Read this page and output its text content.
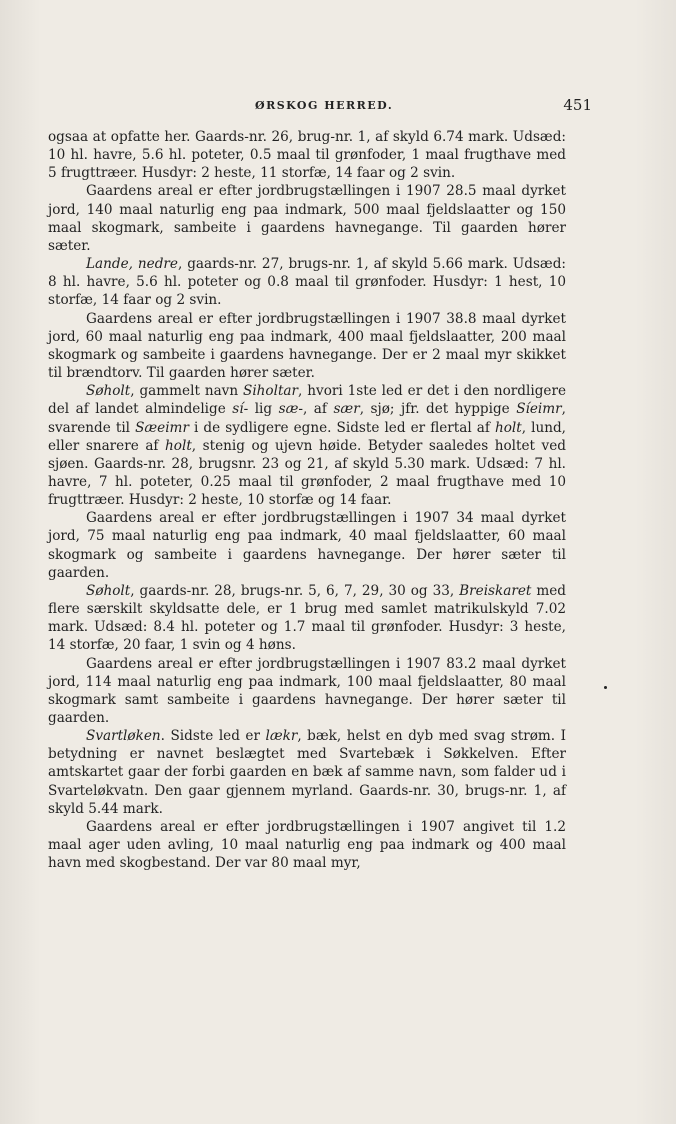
ØRSKOG HERRED.	451

ogsaa at opfatte her. Gaards-nr. 26, brug-nr. 1, af skyld 6.74 mark. Udsæd: 10 hl. havre, 5.6 hl. poteter, 0.5 maal til grønfoder, 1 maal frugthave med 5 frugttræer. Husdyr: 2 heste, 11 storfæ, 14 faar og 2 svin.

Gaardens areal er efter jordbrugstællingen i 1907 28.5 maal dyrket jord, 140 maal naturlig eng paa indmark, 500 maal fjeldslaatter og 150 maal skogmark, sambeite i gaardens havnegange. Til gaarden hører sæter.

Lande, nedre, gaards-nr. 27, brugs-nr. 1, af skyld 5.66 mark. Udsæd: 8 hl. havre, 5.6 hl. poteter og 0.8 maal til grønfoder. Husdyr: 1 hest, 10 storfæ, 14 faar og 2 svin.

Gaardens areal er efter jordbrugstællingen i 1907 38.8 maal dyrket jord, 60 maal naturlig eng paa indmark, 400 maal fjeldslaatter, 200 maal skogmark og sambeite i gaardens havnegange. Der er 2 maal myr skikket til brændtorv. Til gaarden hører sæter.

Søholt, gammelt navn Siholtar, hvori 1ste led er det i den nordligere del af landet almindelige sí- lig sæ-, af sær, sjø; jfr. det hyppige Síeimr, svarende til Sæeimr i de sydligere egne. Sidste led er flertal af holt, lund, eller snarere af holt, stenig og ujevn høide. Betyder saaledes holtet ved sjøen. Gaards-nr. 28, brugsnr. 23 og 21, af skyld 5.30 mark. Udsæd: 7 hl. havre, 7 hl. poteter, 0.25 maal til grønfoder, 2 maal frugthave med 10 frugttræer. Husdyr: 2 heste, 10 storfæ og 14 faar.

Gaardens areal er efter jordbrugstællingen i 1907 34 maal dyrket jord, 75 maal naturlig eng paa indmark, 40 maal fjeldslaatter, 60 maal skogmark og sambeite i gaardens havnegange. Der hører sæter til gaarden.

Søholt, gaards-nr. 28, brugs-nr. 5, 6, 7, 29, 30 og 33, Breiskaret med flere særskilt skyldsatte dele, er 1 brug med samlet matrikulskyld 7.02 mark. Udsæd: 8.4 hl. poteter og 1.7 maal til grønfoder. Husdyr: 3 heste, 14 storfæ, 20 faar, 1 svin og 4 høns.

Gaardens areal er efter jordbrugstællingen i 1907 83.2 maal dyrket jord, 114 maal naturlig eng paa indmark, 100 maal fjeldslaatter, 80 maal skogmark samt sambeite i gaardens havnegange. Der hører sæter til gaarden.

Svartløken. Sidste led er lækr, bæk, helst en dyb med svag strøm. I betydning er navnet beslægtet med Svartebæk i Søkkelven. Efter amtskartet gaar der forbi gaarden en bæk af samme navn, som falder ud i Svarteløkvatn. Den gaar gjennem myrland. Gaards-nr. 30, brugs-nr. 1, af skyld 5.44 mark.

Gaardens areal er efter jordbrugstællingen i 1907 angivet til 1.2 maal ager uden avling, 10 maal naturlig eng paa indmark og 400 maal havn med skogbestand. Der var 80 maal myr,
